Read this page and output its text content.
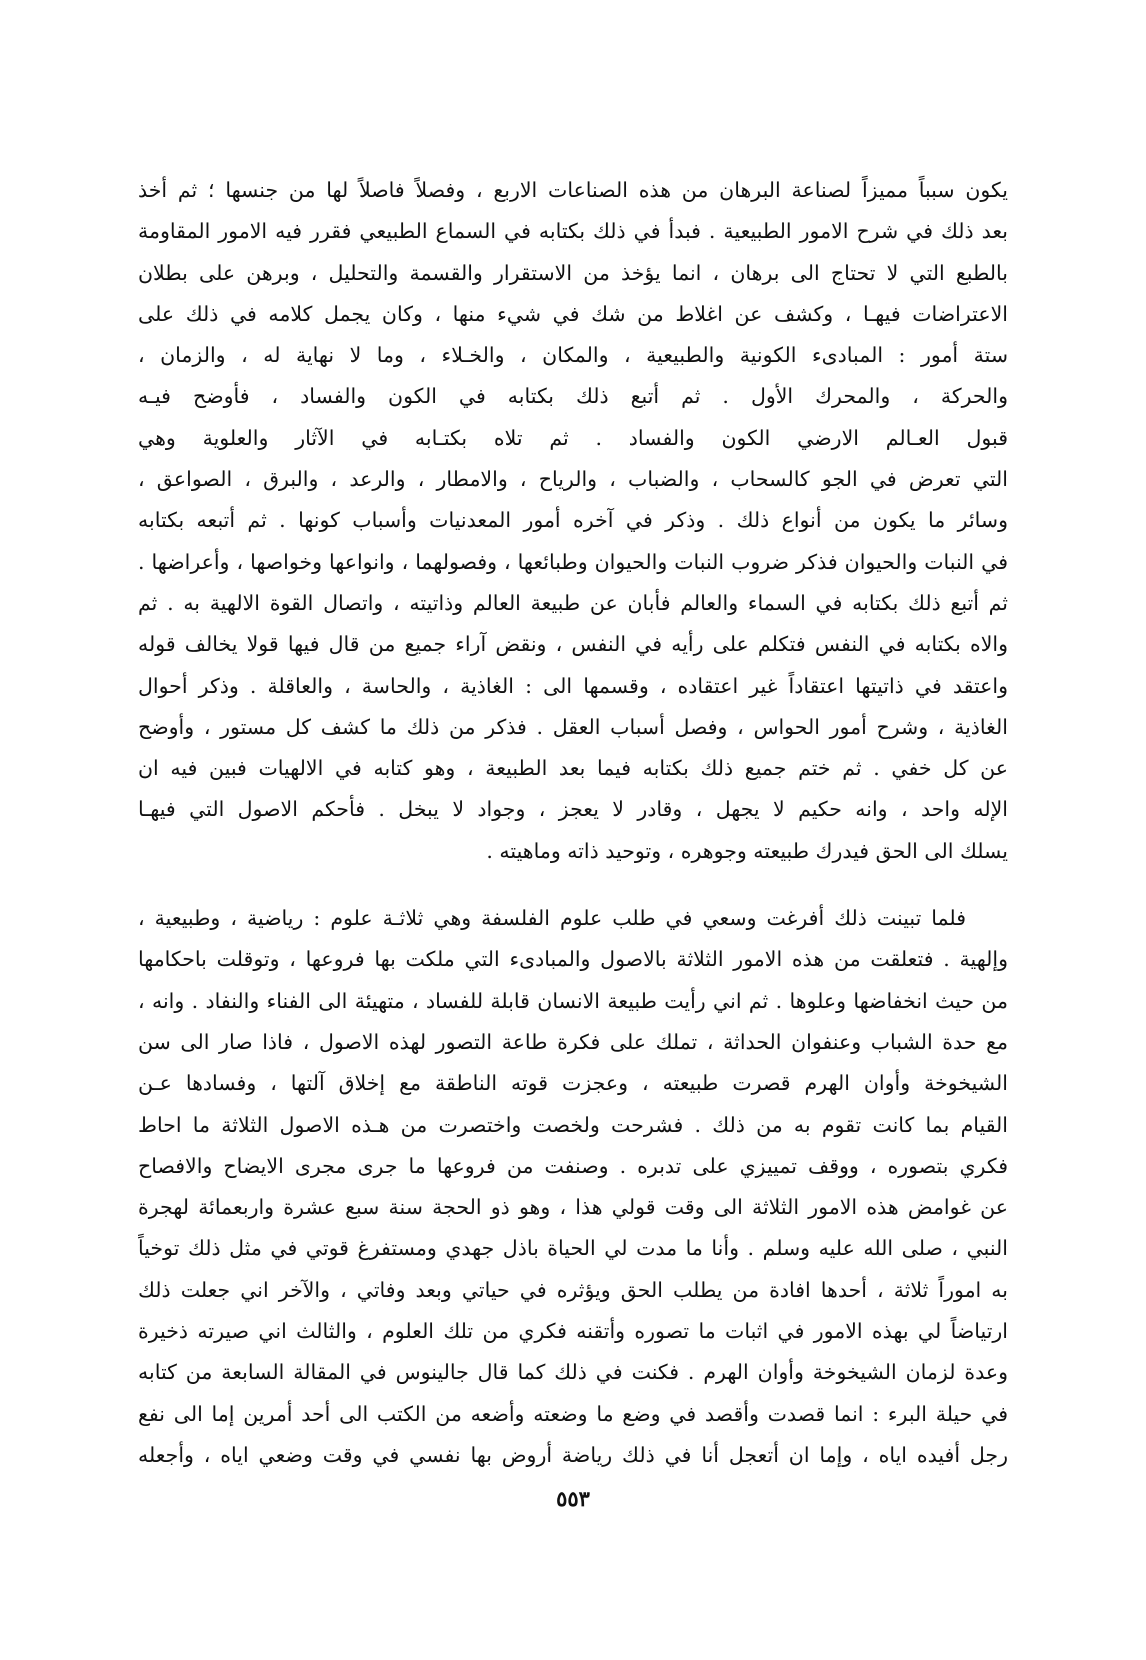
يكون سبباً مميزاً لصناعة البرهان من هذه الصناعات الاربع ، وفصلاً فاصلاً لها من جنسها ؛ ثم أخذ
بعد ذلك في شرح الامور الطبيعية . فبدأ في ذلك بكتابه في السماع الطبيعي فقرر فيه الامور المقاومة
بالطبع التي لا تحتاج الى برهان ، انما يؤخذ من الاستقرار والقسمة والتحليل ، وبرهن على بطلان
الاعتراضات فيهـا ، وكشف عن اغلاط من شك في شيء منها ، وكان يجمل كلامه في ذلك على
ستة أمور : المبادىء الكونية والطبيعية ، والمكان ، والخـلاء ، وما لا نهاية له ، والزمان ،
والحركة ، والمحرك الأول . ثم أتبع ذلك بكتابه في الكون والفساد ، فأوضح فيـه
قبول العـالم الارضي الكون والفساد . ثم تلاه بكتـابه في الآثار والعلوية وهي
التي تعرض في الجو كالسحاب ، والضباب ، والرياح ، والامطار ، والرعد ، والبرق ، الصواعق ،
وسائر ما يكون من أنواع ذلك . وذكر في آخره أمور المعدنيات وأسباب كونها . ثم أتبعه بكتابه
في النبات والحيوان فذكر ضروب النبات والحيوان وطبائعها ، وفصولهما ، وانواعها وخواصها ، وأعراضها .
ثم أتبع ذلك بكتابه في السماء والعالم فأبان عن طبيعة العالم وذاتيته ، واتصال القوة الالهية به . ثم
والاه بكتابه في النفس فتكلم على رأيه في النفس ، ونقض آراء جميع من قال فيها قولا يخالف قوله
واعتقد في ذاتيتها اعتقاداً غير اعتقاده ، وقسمها الى : الغاذية ، والحاسة ، والعاقلة . وذكر أحوال
الغاذية ، وشرح أمور الحواس ، وفصل أسباب العقل . فذكر من ذلك ما كشف كل مستور ، وأوضح
عن كل خفي . ثم ختم جميع ذلك بكتابه فيما بعد الطبيعة ، وهو كتابه في الالهيات فبين فيه ان
الإله واحد ، وانه حكيم لا يجهل ، وقادر لا يعجز ، وجواد لا يبخل . فأحكم الاصول التي فيهـا
يسلك الى الحق فيدرك طبيعته وجوهره ، وتوحيد ذاته وماهيته .
فلما تبينت ذلك أفرغت وسعي في طلب علوم الفلسفة وهي ثلاثـة علوم : رياضية ، وطبيعية ،
وإلهية . فتعلقت من هذه الامور الثلاثة بالاصول والمبادىء التي ملكت بها فروعها ، وتوقلت باحكامها
من حيث انخفاضها وعلوها . ثم اني رأيت طبيعة الانسان قابلة للفساد ، متهيئة الى الفناء والنفاد . وانه ،
مع حدة الشباب وعنفوان الحداثة ، تملك على فكرة طاعة التصور لهذه الاصول ، فاذا صار الى سن
الشيخوخة وأوان الهرم قصرت طبيعته ، وعجزت قوته الناطقة مع إخلاق آلتها ، وفسادها عـن
القيام بما كانت تقوم به من ذلك . فشرحت ولخصت واختصرت من هـذه الاصول الثلاثة ما احاط
فكري بتصوره ، ووقف تمييزي على تدبره . وصنفت من فروعها ما جرى مجرى الايضاح والافصاح
عن غوامض هذه الامور الثلاثة الى وقت قولي هذا ، وهو ذو الحجة سنة سبع عشرة واربعمائة لهجرة
النبي ، صلى الله عليه وسلم . وأنا ما مدت لي الحياة باذل جهدي ومستفرغ قوتي في مثل ذلك توخياً
به اموراً ثلاثة ، أحدها افادة من يطلب الحق ويؤثره في حياتي وبعد وفاتي ، والآخر اني جعلت ذلك
ارتياضاً لي بهذه الامور في اثبات ما تصوره وأتقنه فكري من تلك العلوم ، والثالث اني صيرته ذخيرة
وعدة لزمان الشيخوخة وأوان الهرم . فكنت في ذلك كما قال جالينوس في المقالة السابعة من كتابه
في حيلة البرء : انما قصدت وأقصد في وضع ما وضعته وأضعه من الكتب الى أحد أمرين إما الى نفع
رجل أفيده اياه ، وإما ان أتعجل أنا في ذلك رياضة أروض بها نفسي في وقت وضعي اياه ، وأجعله
٥٥٣
